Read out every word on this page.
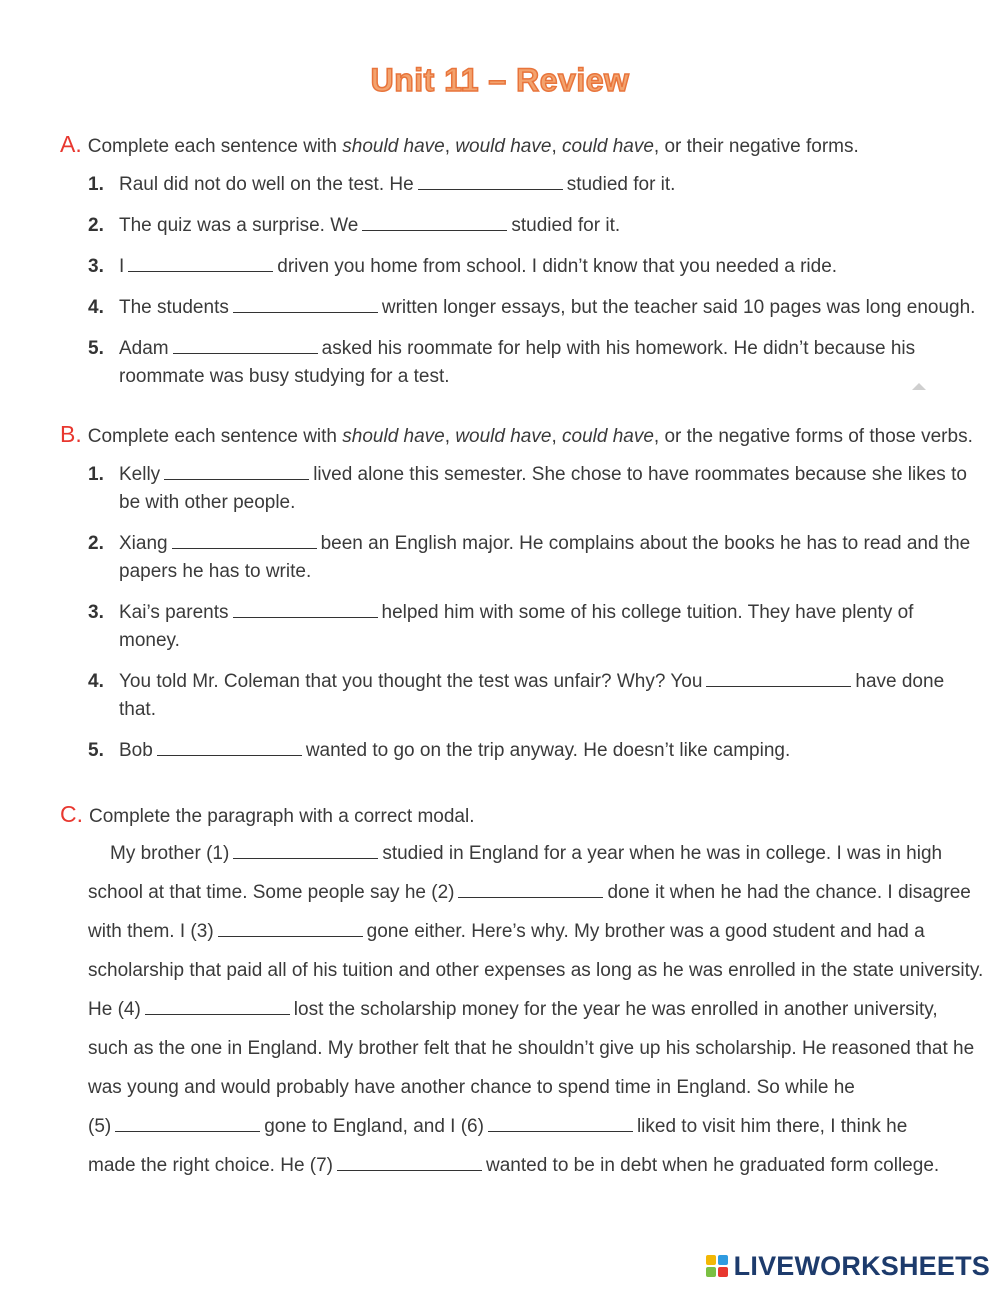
Unit 11 – Review
A. Complete each sentence with should have, would have, could have, or their negative forms.
1. Raul did not do well on the test. He	studied for it.
2. The quiz was a surprise. We	studied for it.
3. I	driven you home from school. I didn’t know that you needed a ride.
4. The students	written longer essays, but the teacher said 10 pages was long enough.
5. Adam	asked his roommate for help with his homework. He didn’t because his
roommate was busy studying for a test.
B. Complete each sentence with should have, would have, could have, or the negative forms of those verbs.
1. Kelly	lived alone this semester. She chose to have roommates because she likes to
be with other people.
2. Xiang	been an English major. He complains about the books he has to read and the
papers he has to write.
3. Kai’s parents	helped him with some of his college tuition. They have plenty of
money.
4. You told Mr. Coleman that you thought the test was unfair? Why? You	have done
that.
5. Bob	wanted to go on the trip anyway. He doesn’t like camping.
C. Complete the paragraph with a correct modal.
My brother (1)	studied in England for a year when he was in college. I was in high
school at that time. Some people say he (2)	done it when he had the chance. I disagree
with them. I (3)	gone either. Here’s why. My brother was a good student and had a
scholarship that paid all of his tuition and other expenses as long as he was enrolled in the state university.
He (4)	lost the scholarship money for the year he was enrolled in another university,
such as the one in England. My brother felt that he shouldn’t give up his scholarship. He reasoned that he
was young and would probably have another chance to spend time in England. So while he
(5)	gone to England, and I (6)	liked to visit him there, I think he
made the right choice. He (7)	wanted to be in debt when he graduated form college.
LIVEWORKSHEETS
